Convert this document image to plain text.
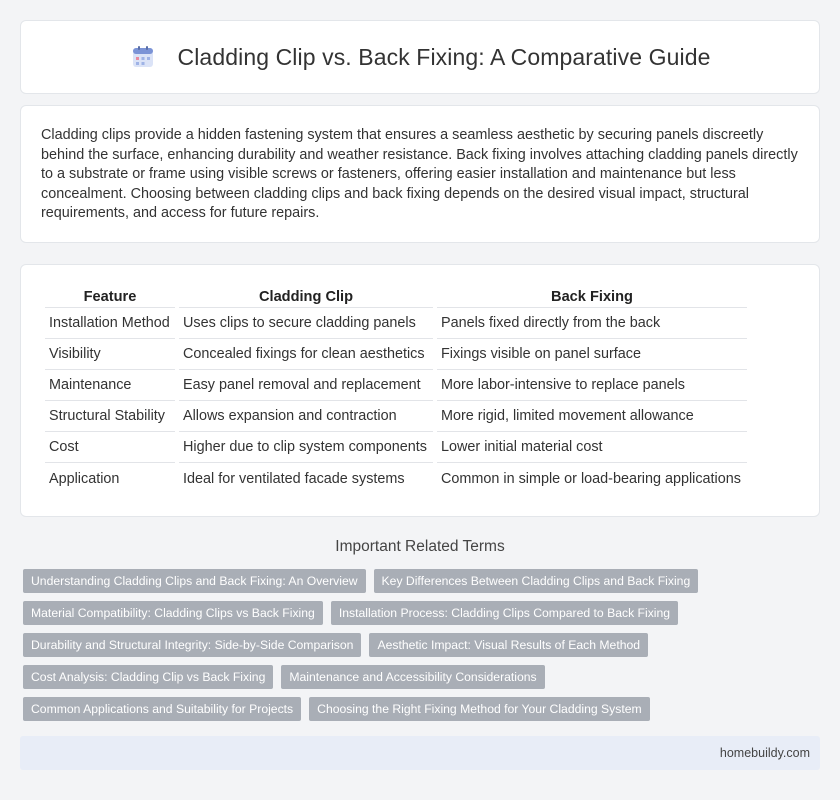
Cladding Clip vs. Back Fixing: A Comparative Guide

Cladding clips provide a hidden fastening system that ensures a seamless aesthetic by securing panels discreetly behind the surface, enhancing durability and weather resistance. Back fixing involves attaching cladding panels directly to a substrate or frame using visible screws or fasteners, offering easier installation and maintenance but less concealment. Choosing between cladding clips and back fixing depends on the desired visual impact, structural requirements, and access for future repairs.

Feature	Cladding Clip	Back Fixing
Installation Method	Uses clips to secure cladding panels	Panels fixed directly from the back
Visibility	Concealed fixings for clean aesthetics	Fixings visible on panel surface
Maintenance	Easy panel removal and replacement	More labor-intensive to replace panels
Structural Stability	Allows expansion and contraction	More rigid, limited movement allowance
Cost	Higher due to clip system components	Lower initial material cost
Application	Ideal for ventilated facade systems	Common in simple or load-bearing applications
Important Related Terms
Understanding Cladding Clips and Back Fixing: An Overview	Key Differences Between Cladding Clips and Back Fixing
Material Compatibility: Cladding Clips vs Back Fixing	Installation Process: Cladding Clips Compared to Back Fixing
Durability and Structural Integrity: Side-by-Side Comparison	Aesthetic Impact: Visual Results of Each Method
Cost Analysis: Cladding Clip vs Back Fixing	Maintenance and Accessibility Considerations
Common Applications and Suitability for Projects	Choosing the Right Fixing Method for Your Cladding System
homebuildy.com
